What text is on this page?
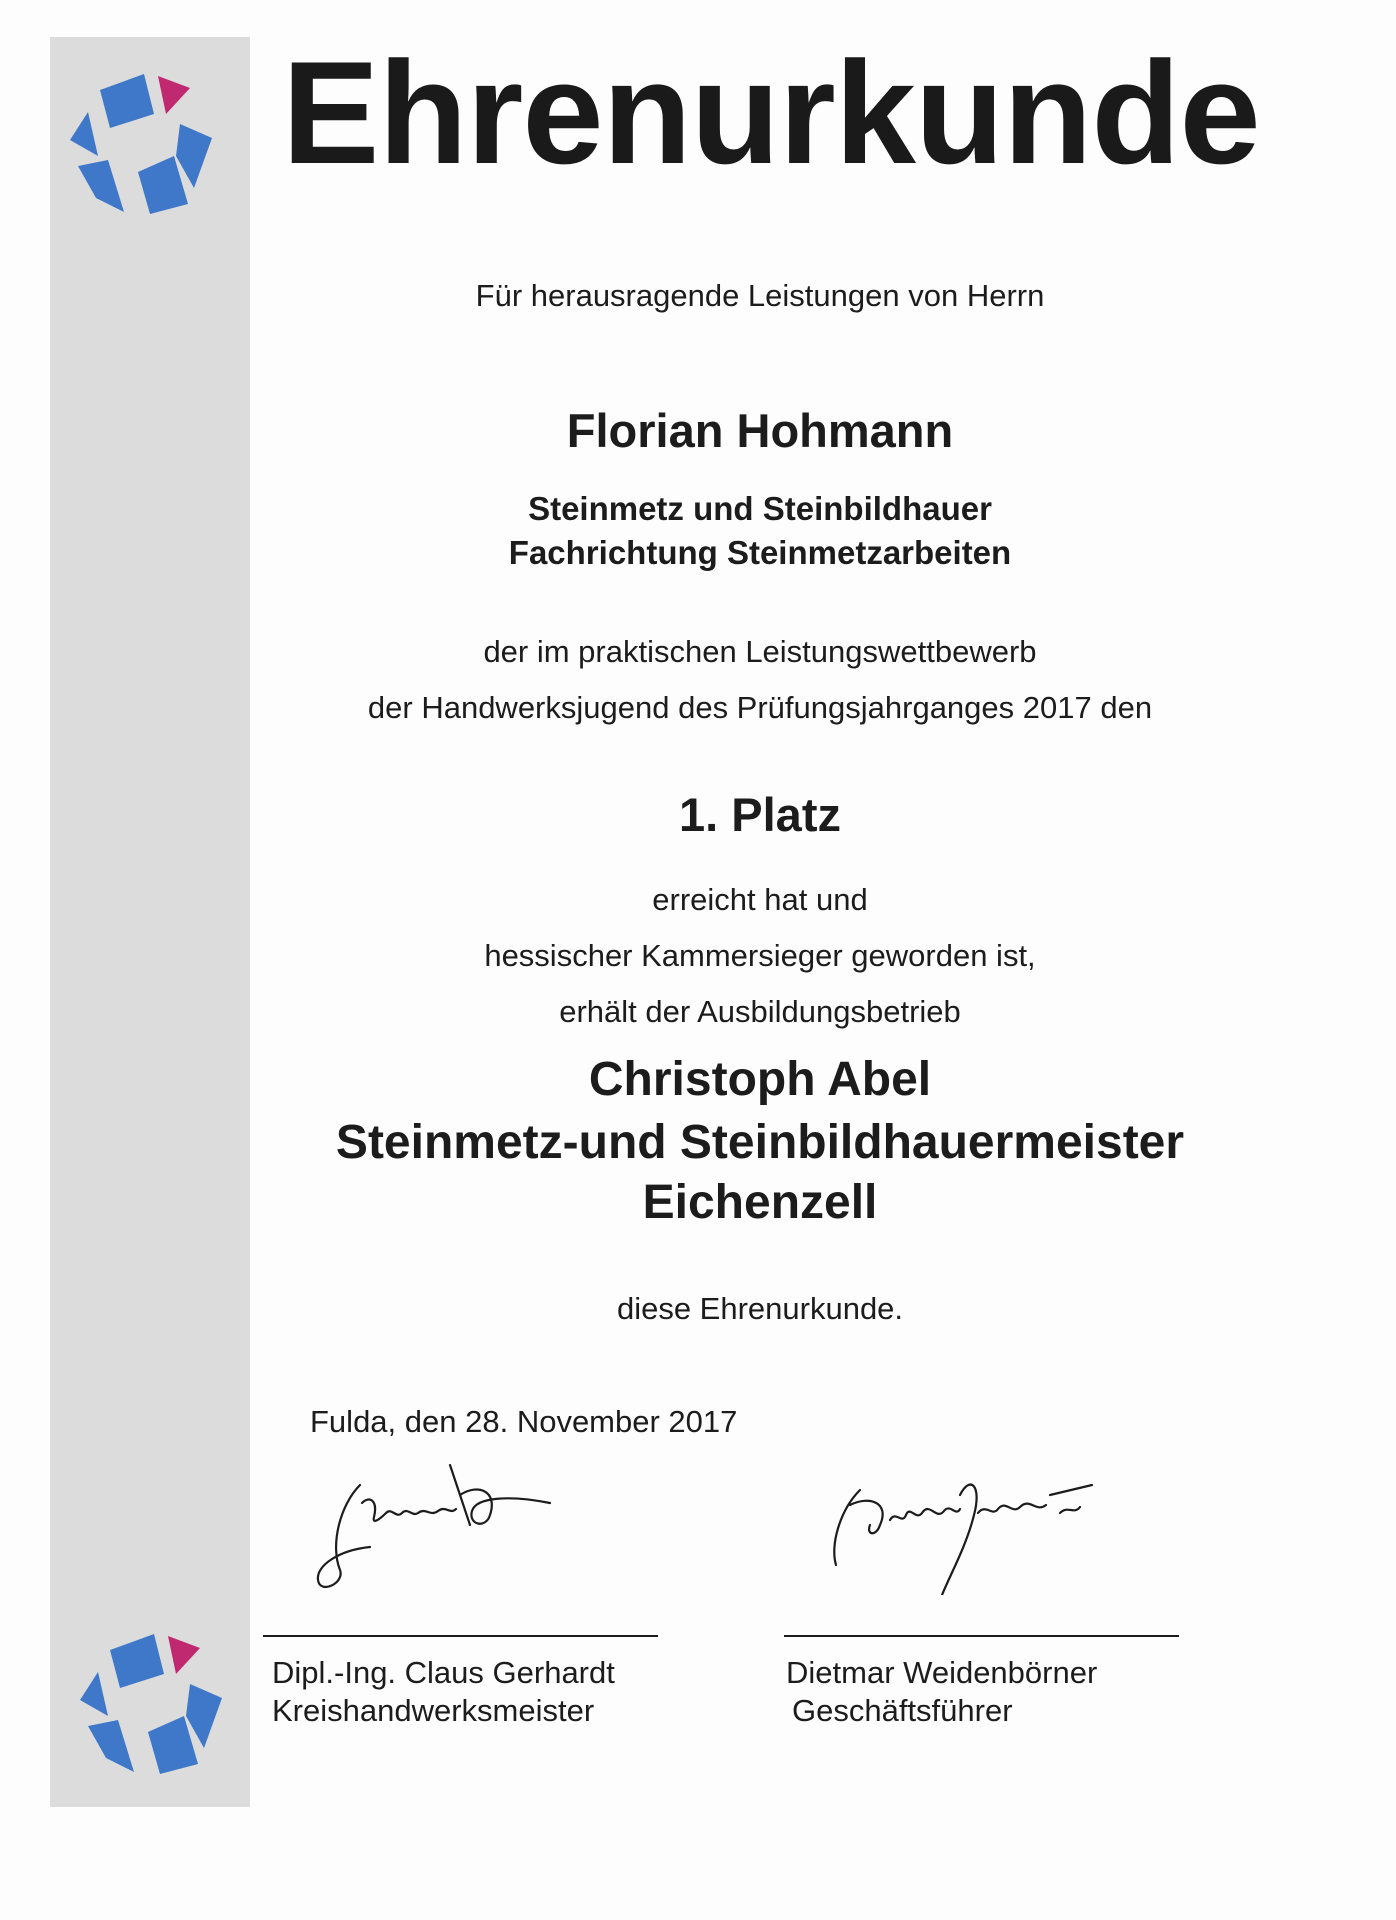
Ehrenurkunde
Für herausragende Leistungen von Herrn
Florian Hohmann
Steinmetz und Steinbildhauer
Fachrichtung Steinmetzarbeiten
der im praktischen Leistungswettbewerb
der Handwerksjugend des Prüfungsjahrganges 2017 den
1. Platz
erreicht hat und
hessischer Kammersieger geworden ist,
erhält der Ausbildungsbetrieb
Christoph Abel
Steinmetz-und Steinbildhauermeister
Eichenzell
diese Ehrenurkunde.
Fulda, den 28. November 2017
Dipl.-Ing. Claus Gerhardt
Kreishandwerksmeister
Dietmar Weidenbörner
Geschäftsführer
